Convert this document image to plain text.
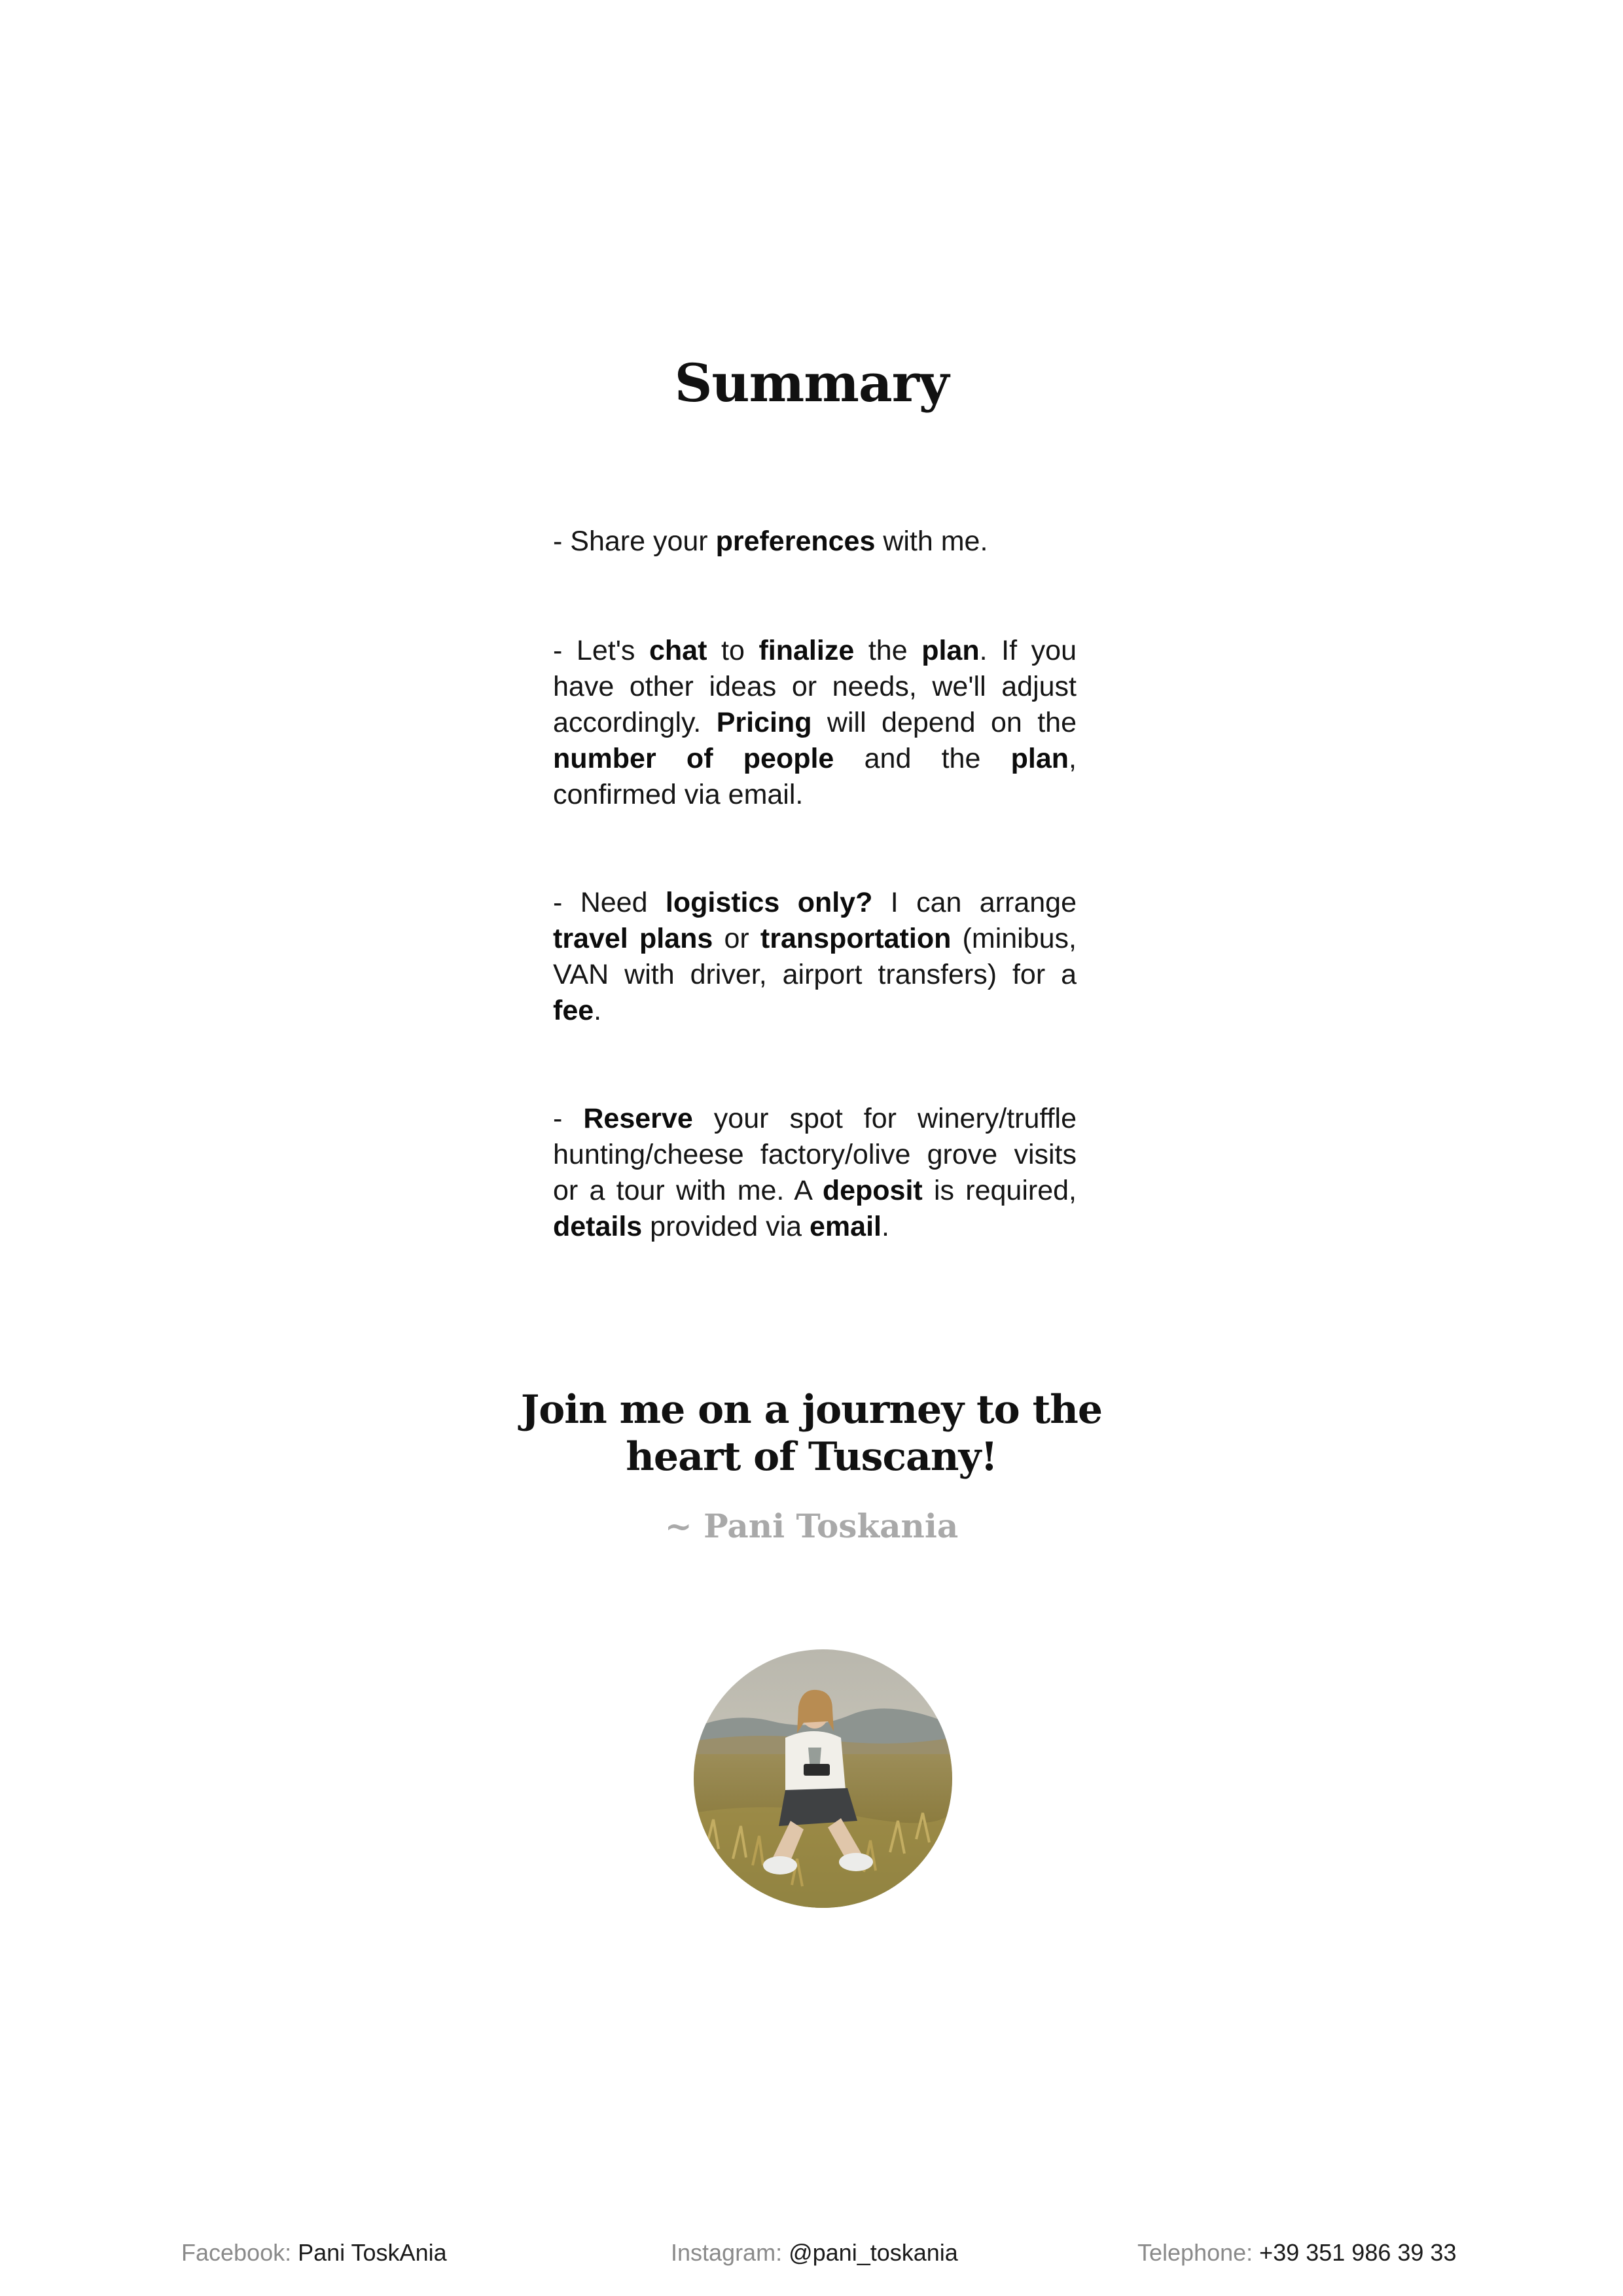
Summary

- Share your preferences with me.

- Let's chat to finalize the plan. If you have other ideas or needs, we'll adjust accordingly. Pricing will depend on the number of people and the plan, confirmed via email.

- Need logistics only? I can arrange travel plans or transportation (minibus, VAN with driver, airport transfers) for a fee.

- Reserve your spot for winery/truffle hunting/cheese factory/olive grove visits or a tour with me. A deposit is required, details provided via email.

Join me on a journey to the
heart of Tuscany!
~ Pani Toskania
Facebook: Pani ToskAnia	Instagram: @pani_toskania	Telephone: +39 351 986 39 33
